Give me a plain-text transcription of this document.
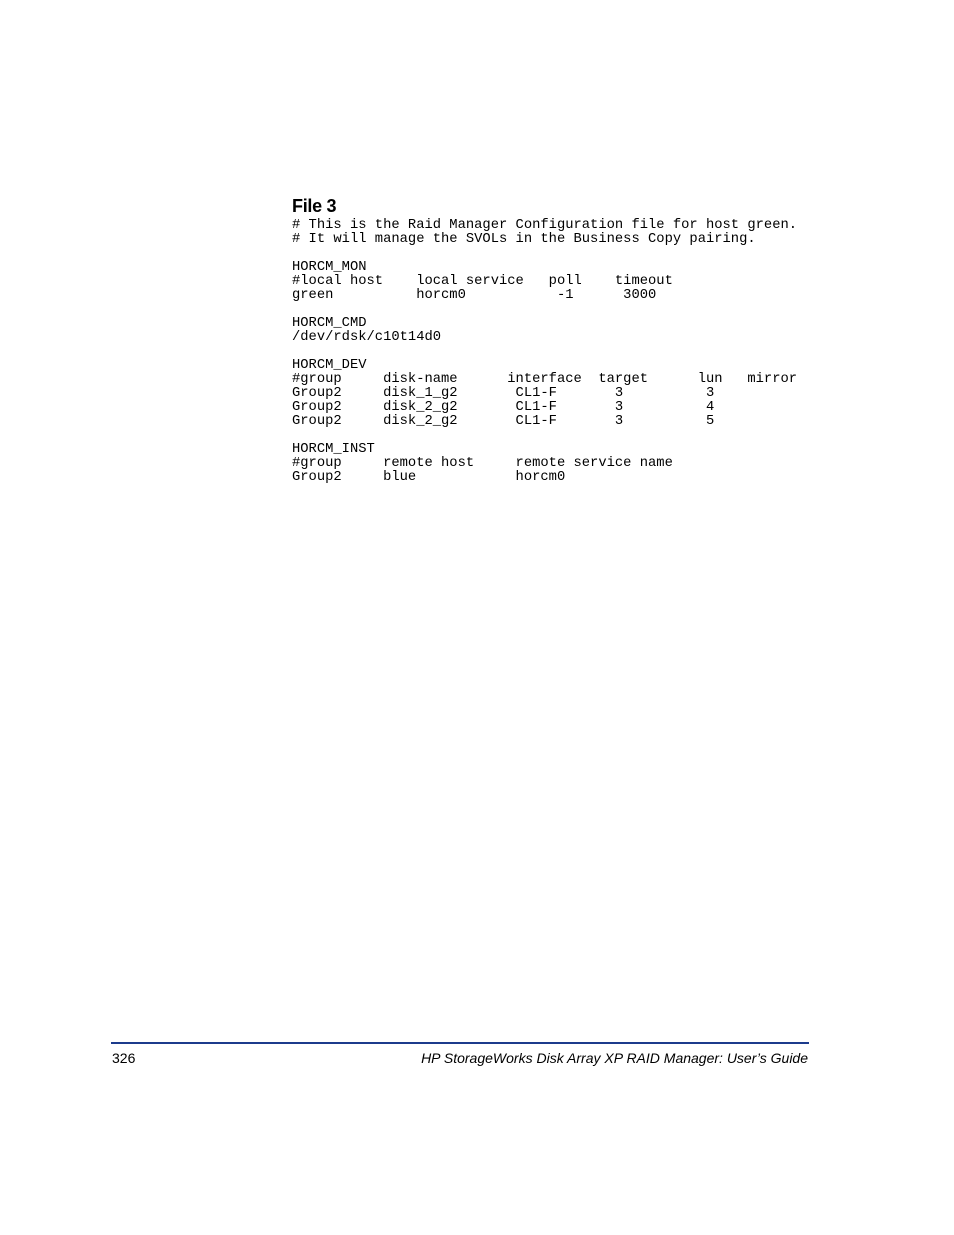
File 3
# This is the Raid Manager Configuration file for host green.
# It will manage the SVOLs in the Business Copy pairing.

HORCM_MON
#local host    local service   poll    timeout
green          horcm0           -1      3000

HORCM_CMD
/dev/rdsk/c10t14d0

HORCM_DEV
#group     disk-name      interface  target      lun   mirror
Group2     disk_1_g2       CL1-F       3          3
Group2     disk_2_g2       CL1-F       3          4
Group2     disk_2_g2       CL1-F       3          5

HORCM_INST
#group     remote host     remote service name
Group2     blue            horcm0

326	HP StorageWorks Disk Array XP RAID Manager: User’s Guide
